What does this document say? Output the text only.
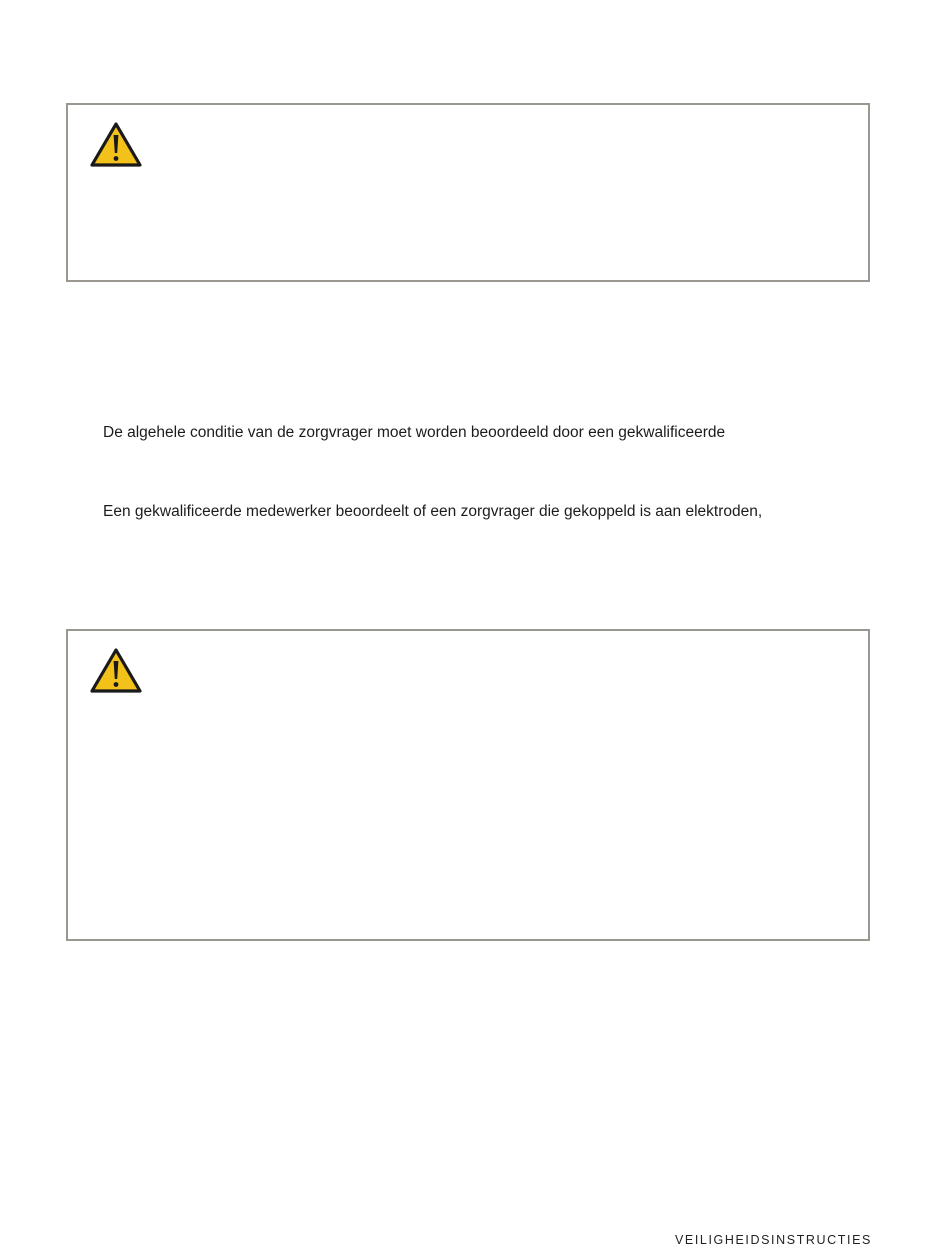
De algehele conditie van de zorgvrager moet worden beoordeeld door een gekwalificeerde
Een gekwalificeerde medewerker beoordeelt of een zorgvrager die gekoppeld is aan elektroden,
VEILIGHEIDSINSTRUCTIES
